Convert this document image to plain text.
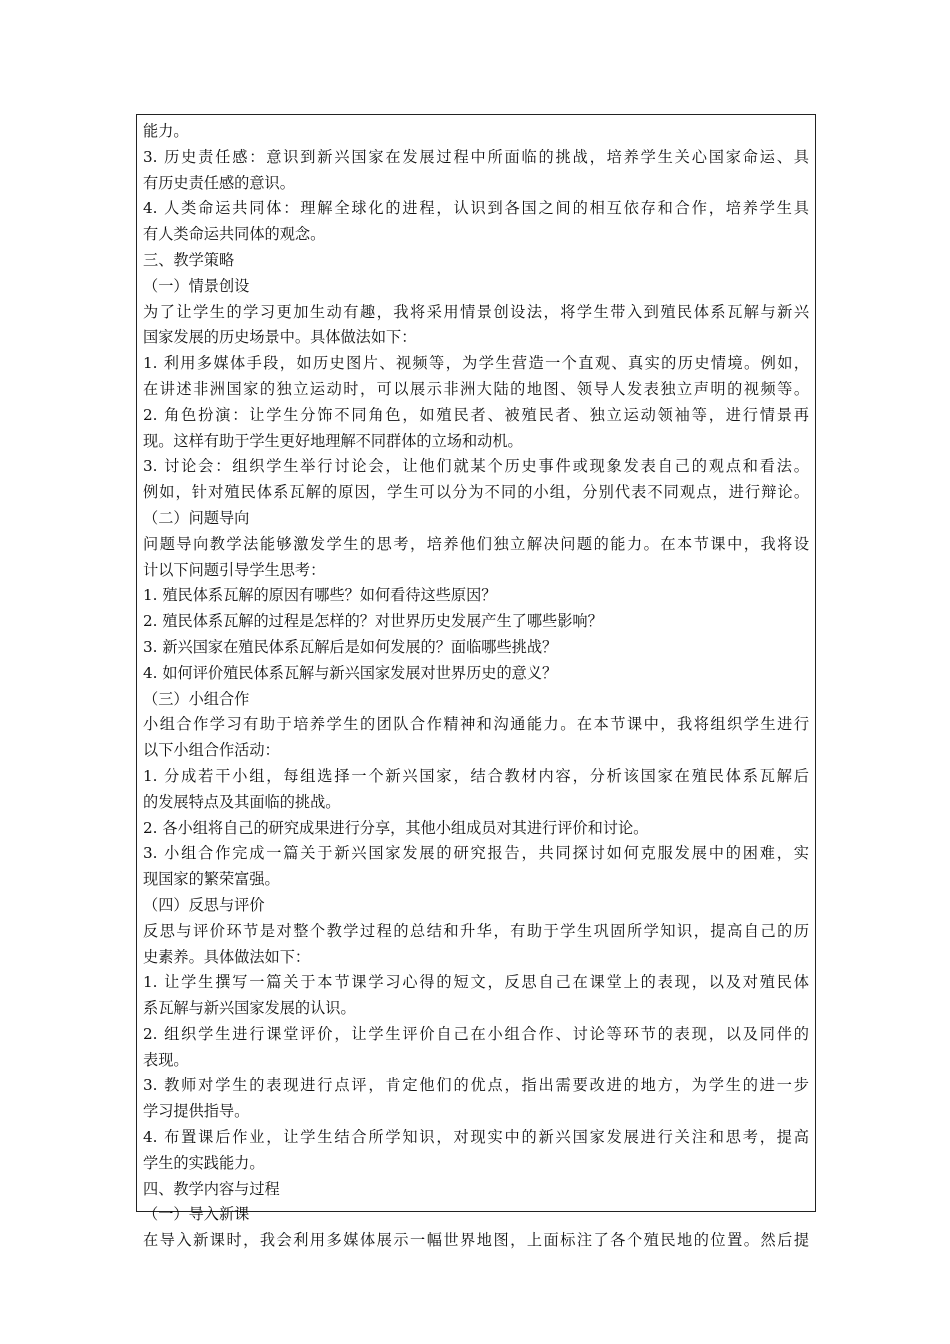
能力。
3. 历史责任感：意识到新兴国家在发展过程中所面临的挑战，培养学生关心国家命运、具
有历史责任感的意识。
4. 人类命运共同体：理解全球化的进程，认识到各国之间的相互依存和合作，培养学生具
有人类命运共同体的观念。
三、教学策略
（一）情景创设
为了让学生的学习更加生动有趣，我将采用情景创设法，将学生带入到殖民体系瓦解与新兴
国家发展的历史场景中。具体做法如下：
1. 利用多媒体手段，如历史图片、视频等，为学生营造一个直观、真实的历史情境。例如，
在讲述非洲国家的独立运动时，可以展示非洲大陆的地图、领导人发表独立声明的视频等。
2. 角色扮演：让学生分饰不同角色，如殖民者、被殖民者、独立运动领袖等，进行情景再
现。这样有助于学生更好地理解不同群体的立场和动机。
3. 讨论会：组织学生举行讨论会，让他们就某个历史事件或现象发表自己的观点和看法。
例如，针对殖民体系瓦解的原因，学生可以分为不同的小组，分别代表不同观点，进行辩论。
（二）问题导向
问题导向教学法能够激发学生的思考，培养他们独立解决问题的能力。在本节课中，我将设
计以下问题引导学生思考：
1. 殖民体系瓦解的原因有哪些？如何看待这些原因？
2. 殖民体系瓦解的过程是怎样的？对世界历史发展产生了哪些影响？
3. 新兴国家在殖民体系瓦解后是如何发展的？面临哪些挑战？
4. 如何评价殖民体系瓦解与新兴国家发展对世界历史的意义？
（三）小组合作
小组合作学习有助于培养学生的团队合作精神和沟通能力。在本节课中，我将组织学生进行
以下小组合作活动：
1. 分成若干小组，每组选择一个新兴国家，结合教材内容，分析该国家在殖民体系瓦解后
的发展特点及其面临的挑战。
2. 各小组将自己的研究成果进行分享，其他小组成员对其进行评价和讨论。
3. 小组合作完成一篇关于新兴国家发展的研究报告，共同探讨如何克服发展中的困难，实
现国家的繁荣富强。
（四）反思与评价
反思与评价环节是对整个教学过程的总结和升华，有助于学生巩固所学知识，提高自己的历
史素养。具体做法如下：
1. 让学生撰写一篇关于本节课学习心得的短文，反思自己在课堂上的表现，以及对殖民体
系瓦解与新兴国家发展的认识。
2. 组织学生进行课堂评价，让学生评价自己在小组合作、讨论等环节的表现，以及同伴的
表现。
3. 教师对学生的表现进行点评，肯定他们的优点，指出需要改进的地方，为学生的进一步
学习提供指导。
4. 布置课后作业，让学生结合所学知识，对现实中的新兴国家发展进行关注和思考，提高
学生的实践能力。
四、教学内容与过程
（一）导入新课
在导入新课时，我会利用多媒体展示一幅世界地图，上面标注了各个殖民地的位置。然后提
